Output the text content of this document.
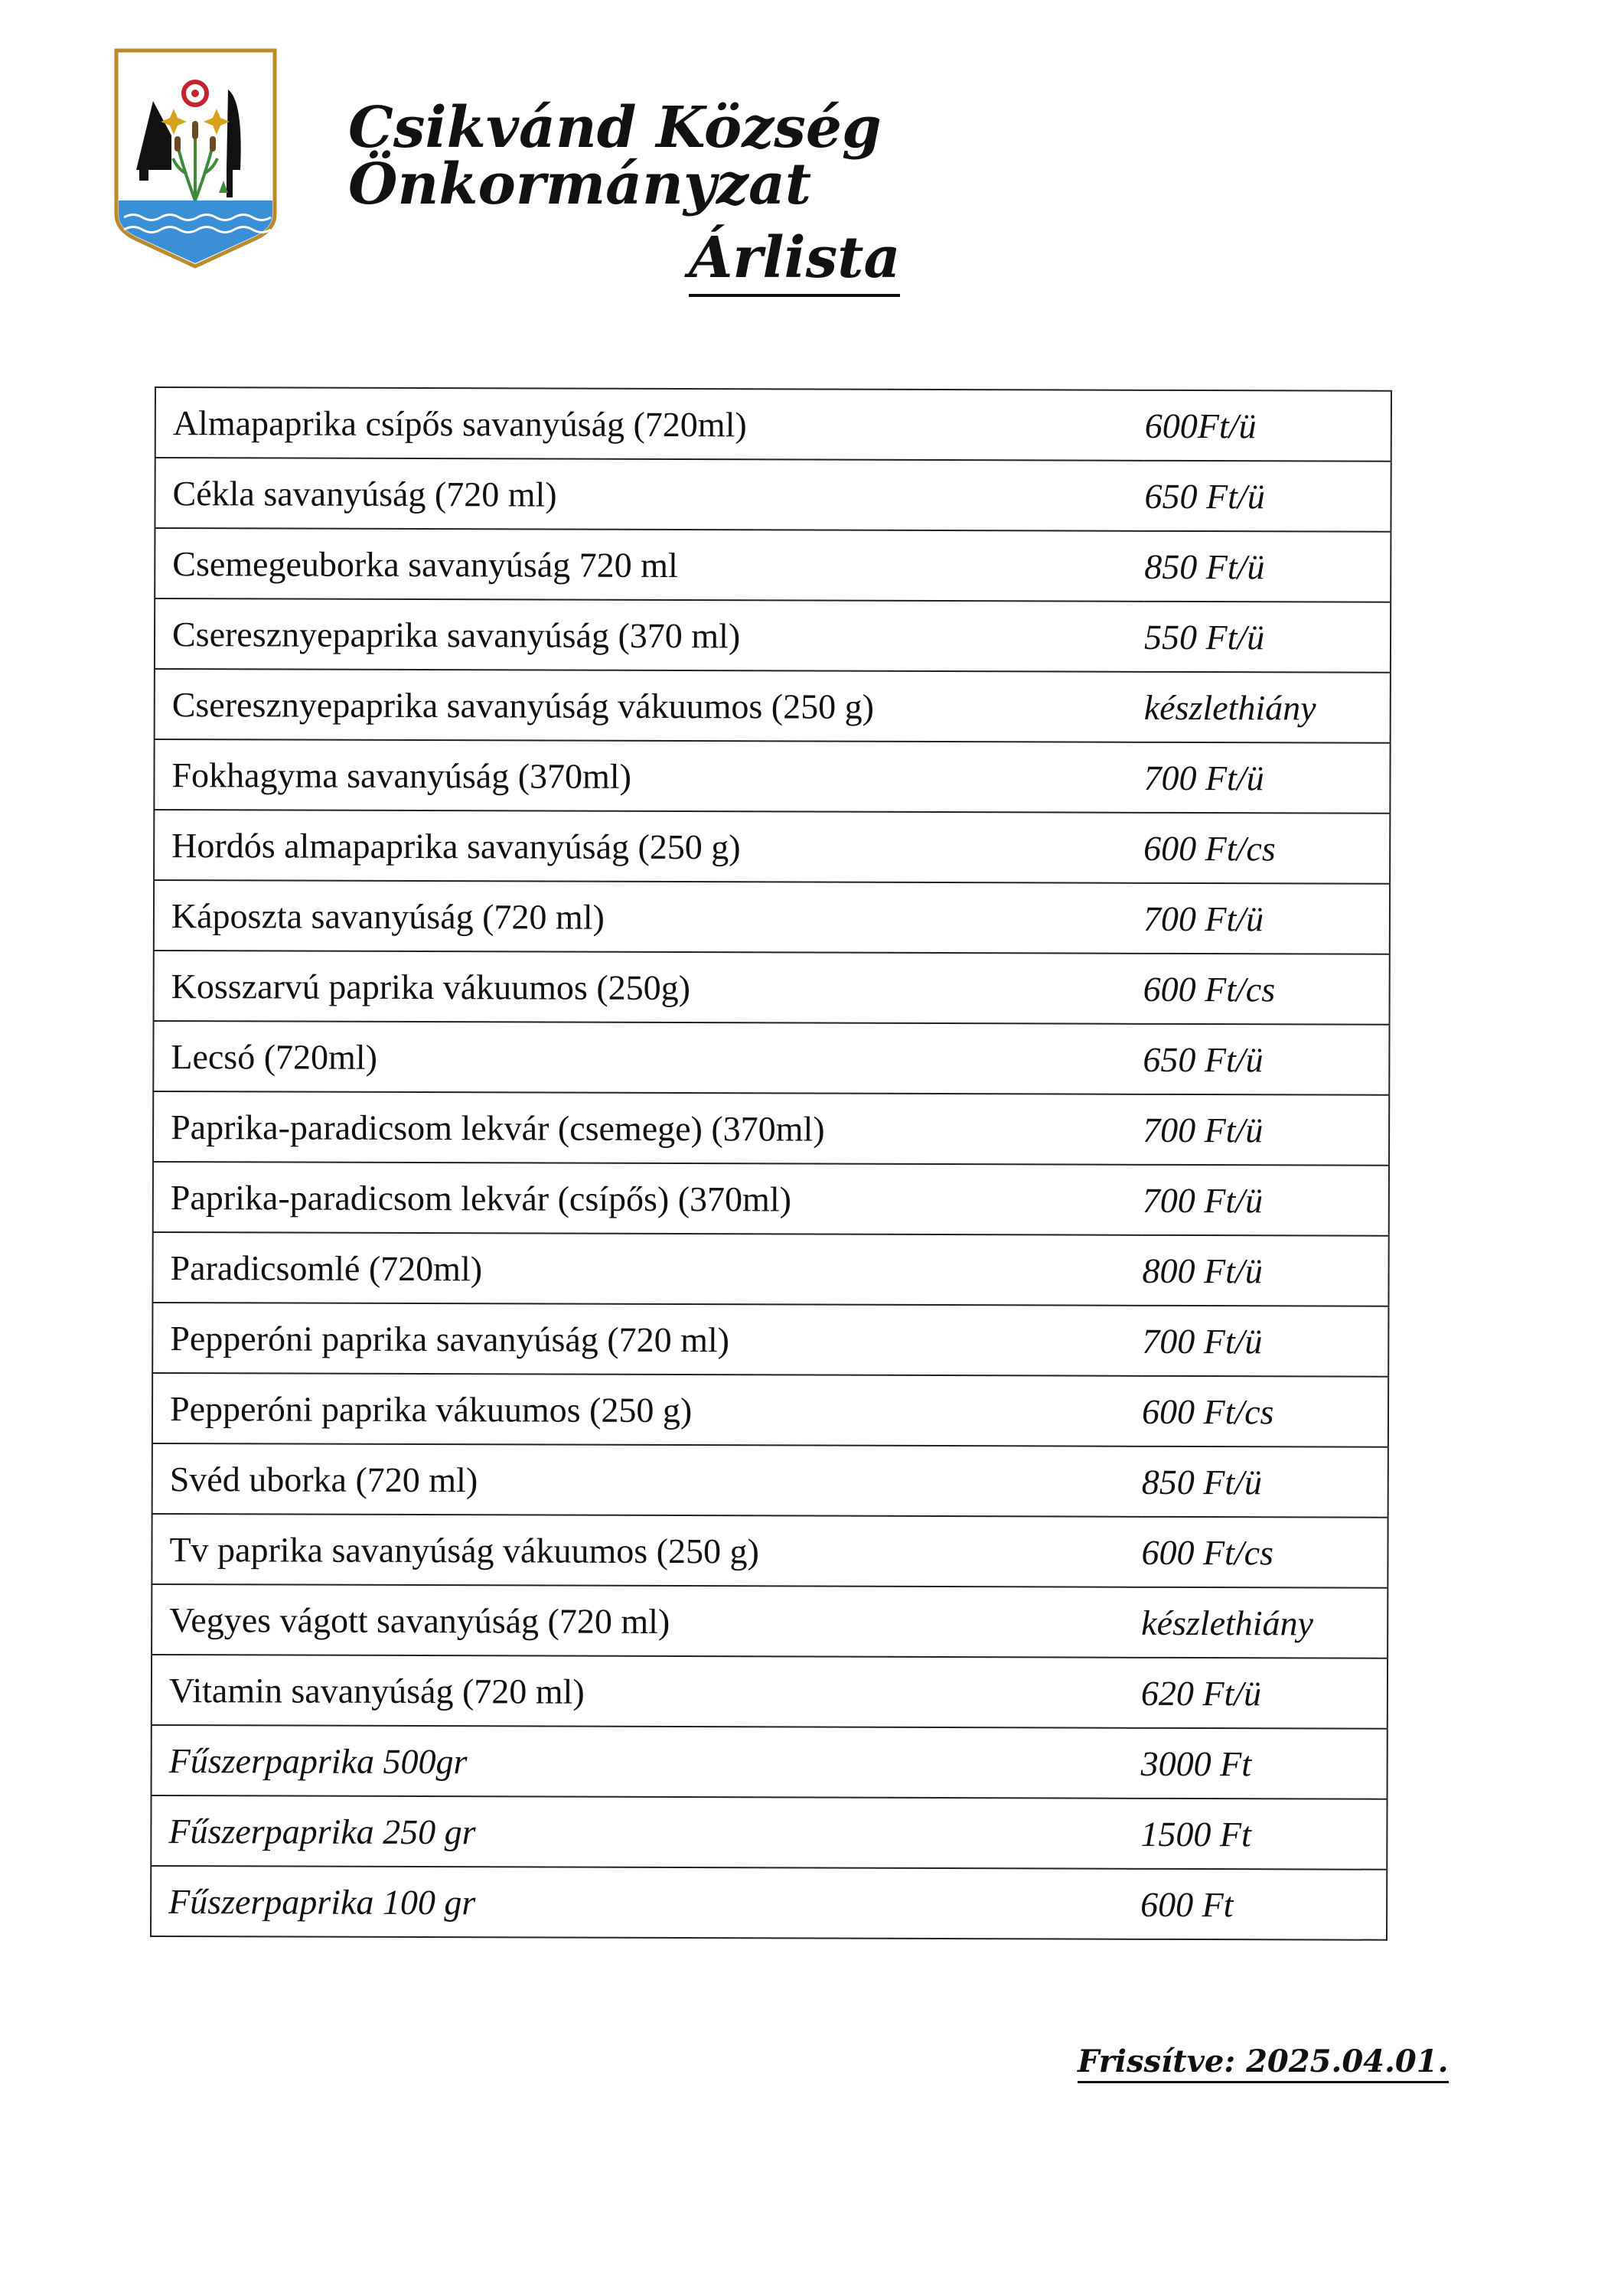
Csikvánd Község Önkormányzat
Árlista
Almapaprika csípős savanyúság (720ml)	600Ft/ü
Cékla savanyúság (720 ml)	650 Ft/ü
Csemegeuborka savanyúság 720 ml	850 Ft/ü
Cseresznyepaprika savanyúság (370 ml)	550 Ft/ü
Cseresznyepaprika savanyúság vákuumos (250 g)	készlethiány
Fokhagyma savanyúság (370ml)	700 Ft/ü
Hordós almapaprika savanyúság (250 g)	600 Ft/cs
Káposzta savanyúság (720 ml)	700 Ft/ü
Kosszarvú paprika vákuumos (250g)	600 Ft/cs
Lecsó (720ml)	650 Ft/ü
Paprika-paradicsom lekvár (csemege) (370ml)	700 Ft/ü
Paprika-paradicsom lekvár (csípős) (370ml)	700 Ft/ü
Paradicsomlé (720ml)	800 Ft/ü
Pepperóni paprika savanyúság (720 ml)	700 Ft/ü
Pepperóni paprika vákuumos (250 g)	600 Ft/cs
Svéd uborka (720 ml)	850 Ft/ü
Tv paprika savanyúság vákuumos (250 g)	600 Ft/cs
Vegyes vágott savanyúság (720 ml)	készlethiány
Vitamin savanyúság (720 ml)	620 Ft/ü
Fűszerpaprika 500gr	3000 Ft
Fűszerpaprika 250 gr	1500 Ft
Fűszerpaprika 100 gr	600 Ft
Frissítve: 2025.04.01.
